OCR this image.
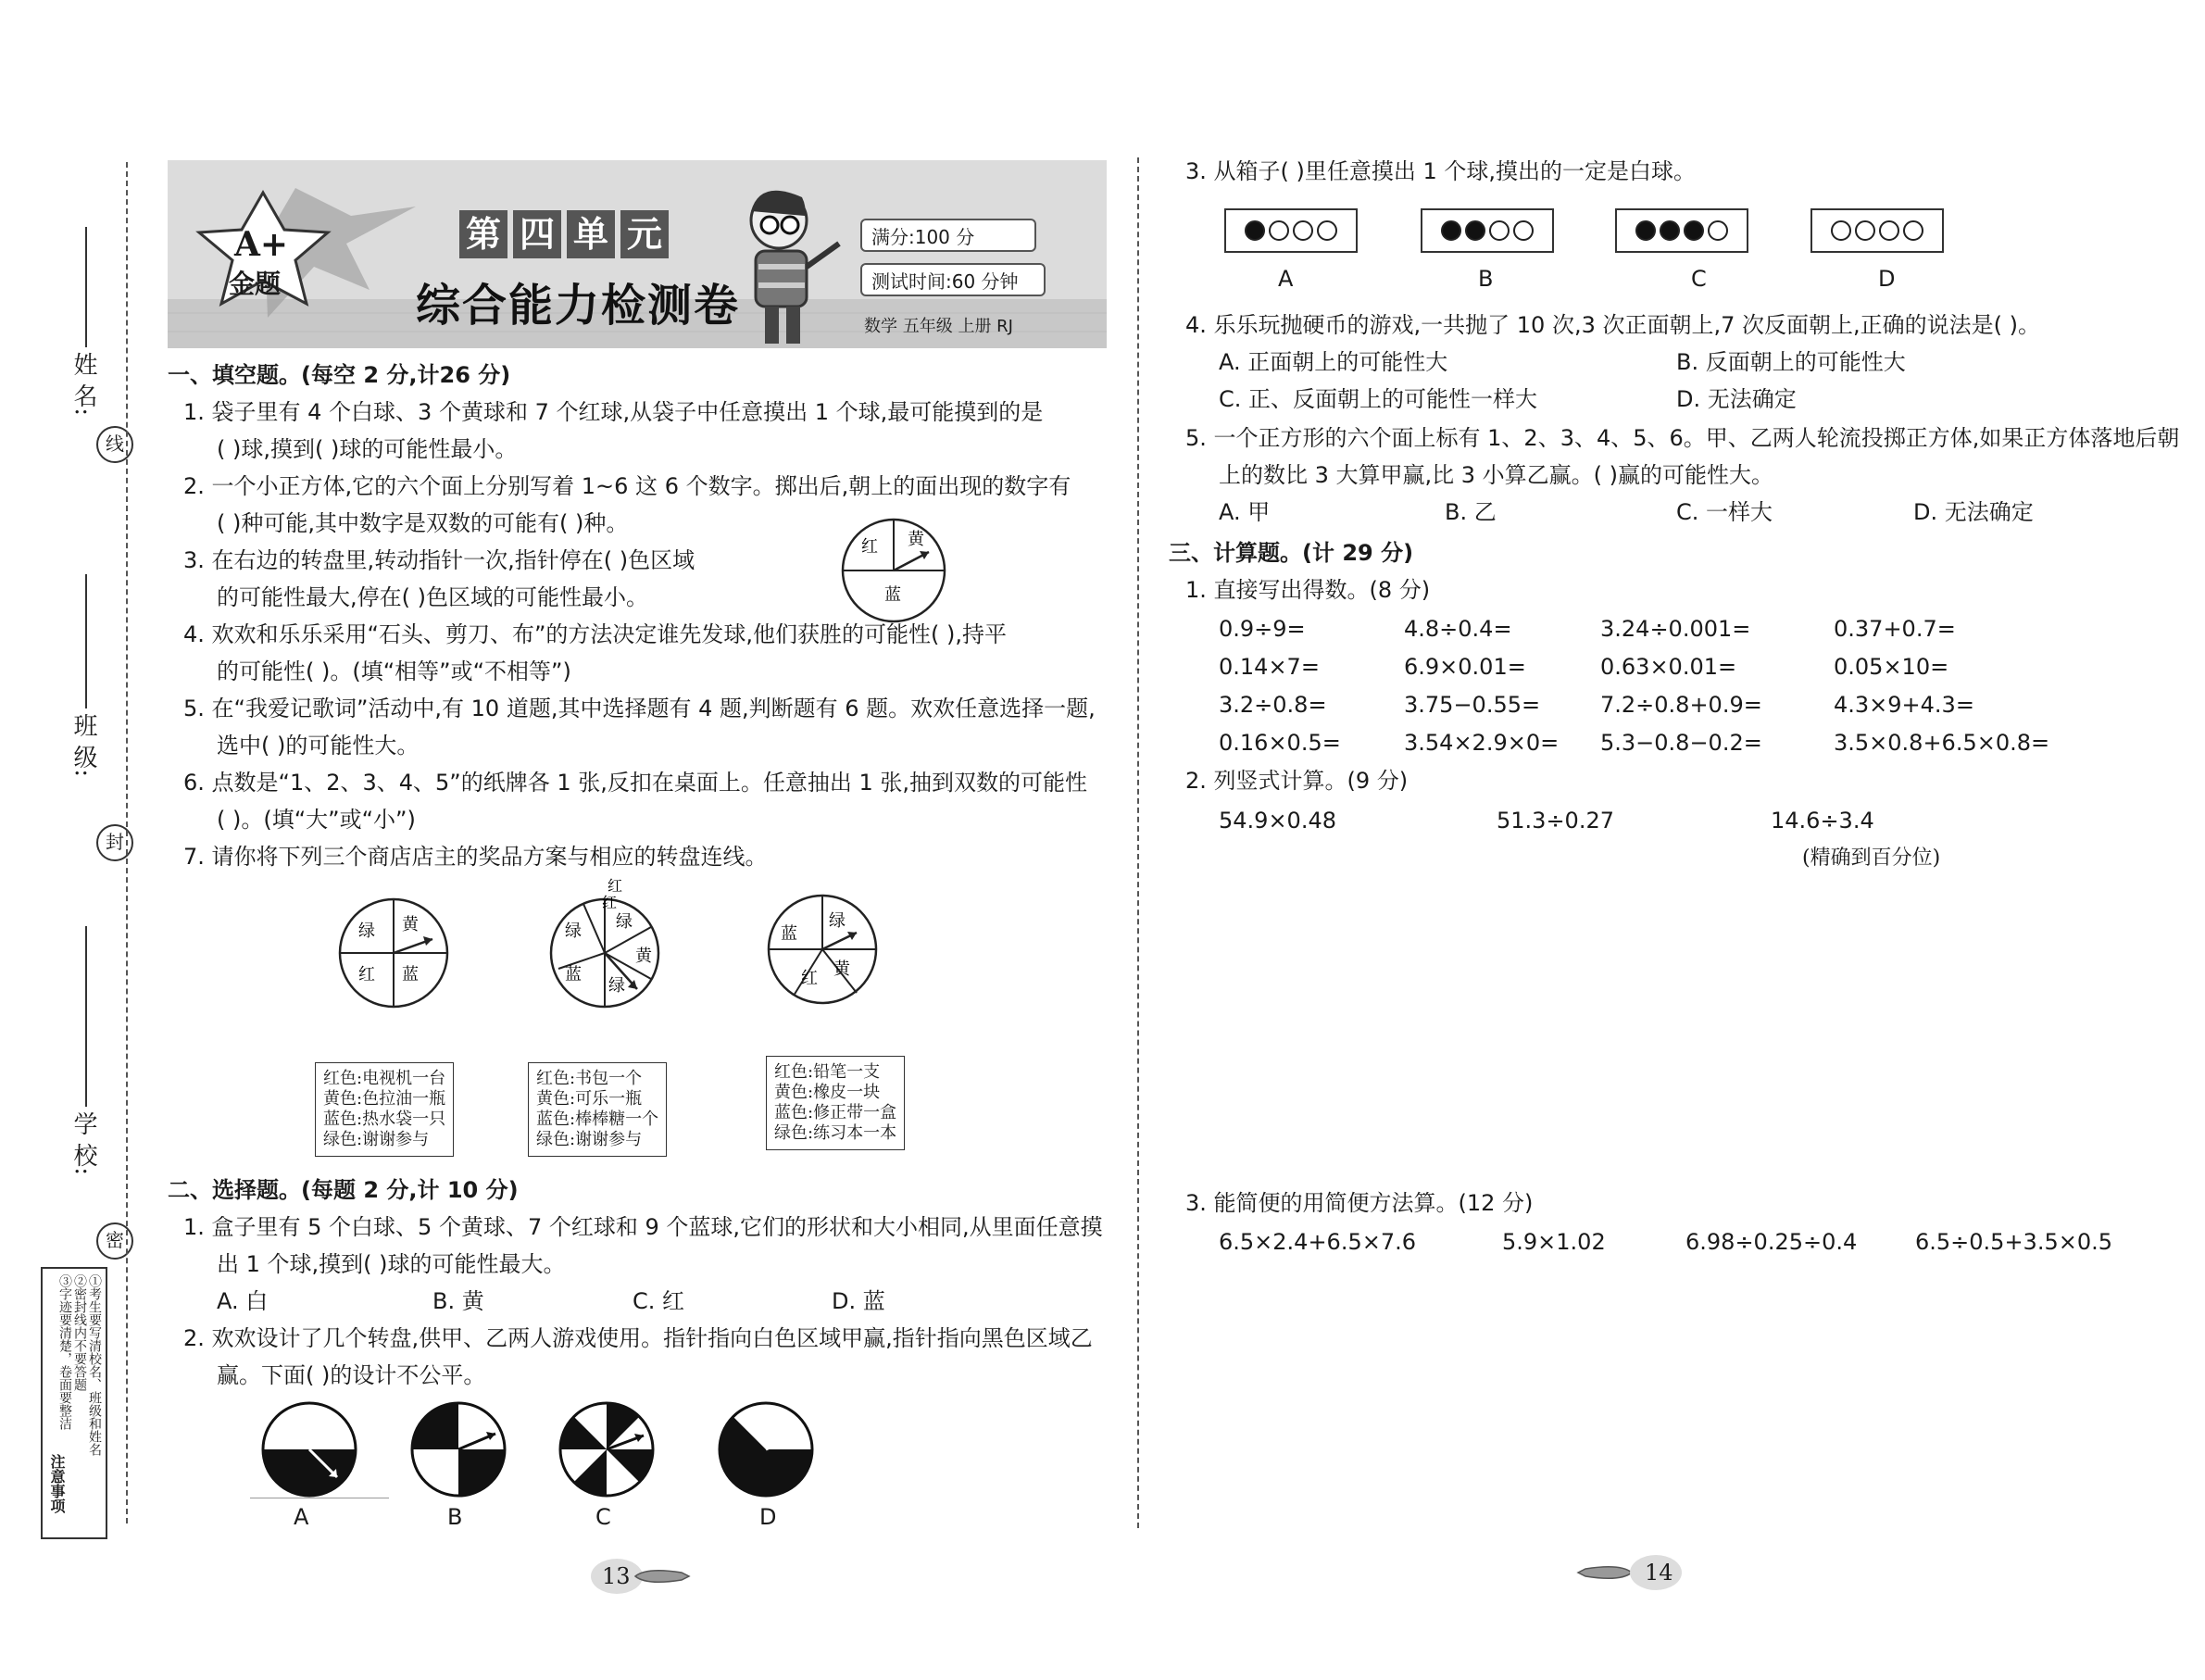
姓 名:
线
班 级:
封
学 校:
密
注意事项
①考生要写清校名、班级和姓名
②密封线内不要答题
③字迹要清楚，卷面要整洁
A+
金题
第 四 单 元
综合能力检测卷
满分:100 分
测试时间:60 分钟
数学 五年级 上册 RJ
一、填空题。(每空 2 分,计26 分)
1. 袋子里有 4 个白球、3 个黄球和 7 个红球,从袋子中任意摸出 1 个球,最可能摸到的是
( )球,摸到( )球的可能性最小。
2. 一个小正方体,它的六个面上分别写着 1~6 这 6 个数字。掷出后,朝上的面出现的数字有
( )种可能,其中数字是双数的可能有( )种。
3. 在右边的转盘里,转动指针一次,指针停在( )色区域
的可能性最大,停在( )色区域的可能性最小。
红 黄
蓝
4. 欢欢和乐乐采用“石头、剪刀、布”的方法决定谁先发球,他们获胜的可能性( ),持平
的可能性( )。(填“相等”或“不相等”)
5. 在“我爱记歌词”活动中,有 10 道题,其中选择题有 4 题,判断题有 6 题。欢欢任意选择一题,
选中( )的可能性大。
6. 点数是“1、2、3、4、5”的纸牌各 1 张,反扣在桌面上。任意抽出 1 张,抽到双数的可能性
( )。(填“大”或“小”)
7. 请你将下列三个商店店主的奖品方案与相应的转盘连线。
绿 黄
红 蓝
红
绿 绿
黄
蓝
绿
红
绿
蓝
红 黄
红色:电视机一台
黄色:色拉油一瓶
蓝色:热水袋一只
绿色:谢谢参与
红色:书包一个
黄色:可乐一瓶
蓝色:棒棒糖一个
绿色:谢谢参与
红色:铅笔一支
黄色:橡皮一块
蓝色:修正带一盒
绿色:练习本一本
二、选择题。(每题 2 分,计 10 分)
1. 盒子里有 5 个白球、5 个黄球、7 个红球和 9 个蓝球,它们的形状和大小相同,从里面任意摸
出 1 个球,摸到( )球的可能性最大。
A. 白	B. 黄	C. 红	D. 蓝
2. 欢欢设计了几个转盘,供甲、乙两人游戏使用。指针指向白色区域甲赢,指针指向黑色区域乙
赢。下面( )的设计不公平。
A	B	C	D
3. 从箱子( )里任意摸出 1 个球,摸出的一定是白球。
A	B	C	D
4. 乐乐玩抛硬币的游戏,一共抛了 10 次,3 次正面朝上,7 次反面朝上,正确的说法是( )。
A. 正面朝上的可能性大	B. 反面朝上的可能性大
C. 正、反面朝上的可能性一样大	D. 无法确定
5. 一个正方形的六个面上标有 1、2、3、4、5、6。甲、乙两人轮流投掷正方体,如果正方体落地后朝
上的数比 3 大算甲赢,比 3 小算乙赢。( )赢的可能性大。
A. 甲	B. 乙	C. 一样大	D. 无法确定
三、计算题。(计 29 分)
1. 直接写出得数。(8 分)
0.9÷9=	4.8÷0.4=	3.24÷0.001=	0.37+0.7=
0.14×7=	6.9×0.01=	0.63×0.01=	0.05×10=
3.2÷0.8=	3.75−0.55=	7.2÷0.8+0.9=	4.3×9+4.3=
0.16×0.5=	3.54×2.9×0= 5.3−0.8−0.2=	3.5×0.8+6.5×0.8=
2. 列竖式计算。(9 分)
54.9×0.48	51.3÷0.27	14.6÷3.4
(精确到百分位)
3. 能简便的用简便方法算。(12 分)
6.5×2.4+6.5×7.6	5.9×1.02	6.98÷0.25÷0.4	6.5÷0.5+3.5×0.5
13	14
